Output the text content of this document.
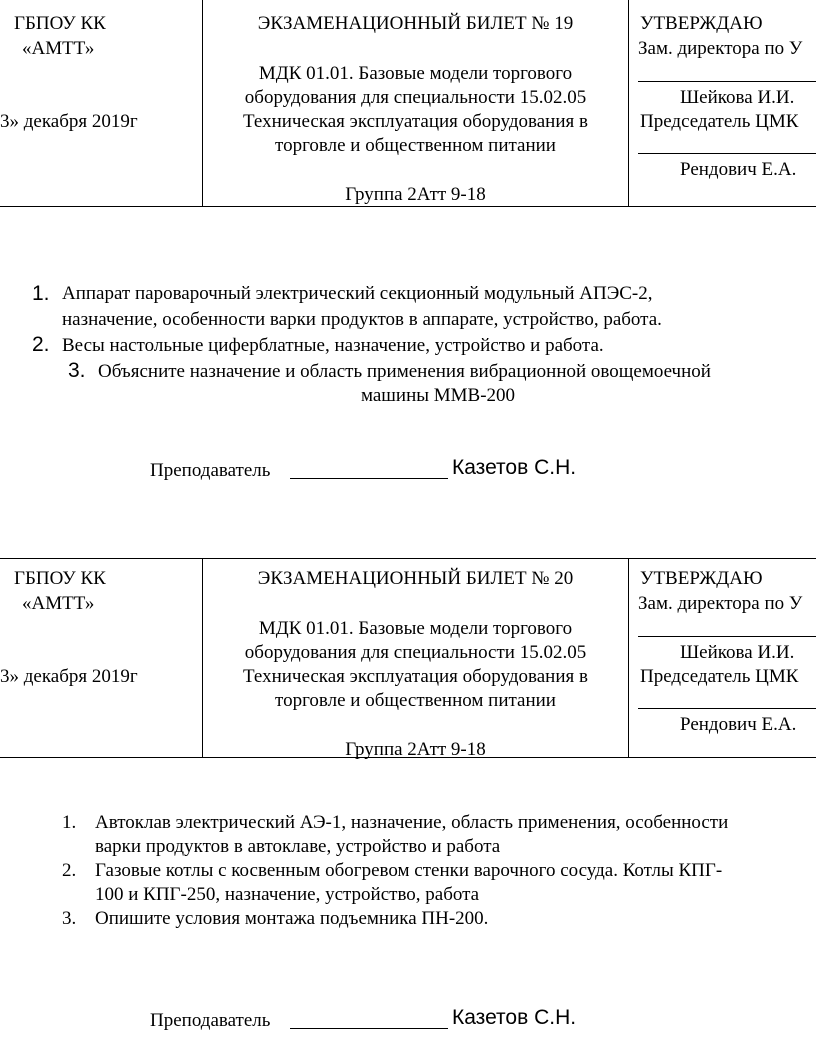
ГБПОУ КК
«АМТТ»
3» декабря 2019г
ЭКЗАМЕНАЦИОННЫЙ БИЛЕТ № 19
МДК 01.01. Базовые модели торгового
оборудования для специальности 15.02.05
Техническая эксплуатация оборудования в
торговле и общественном питании
Группа 2Атт 9-18
УТВЕРЖДАЮ
Зам. директора по У
Шейкова И.И.
Председатель ЦМК
Рендович Е.А.
1. Аппарат пароварочный электрический секционный модульный АПЭС-2,
назначение, особенности варки продуктов в аппарате, устройство, работа.
2. Весы настольные циферблатные, назначение, устройство и работа.
3. Объясните назначение и область применения вибрационной овощемоечной
машины ММВ-200
Преподаватель	Казетов С.Н.
ГБПОУ КК
«АМТТ»
3» декабря 2019г
ЭКЗАМЕНАЦИОННЫЙ БИЛЕТ № 20
МДК 01.01. Базовые модели торгового
оборудования для специальности 15.02.05
Техническая эксплуатация оборудования в
торговле и общественном питании
Группа 2Атт 9-18
УТВЕРЖДАЮ
Зам. директора по У
Шейкова И.И.
Председатель ЦМК
Рендович Е.А.
1. Автоклав электрический АЭ-1, назначение, область применения, особенности
варки продуктов в автоклаве, устройство и работа
2. Газовые котлы с косвенным обогревом стенки варочного сосуда. Котлы КПГ-
100 и КПГ-250, назначение, устройство, работа
3. Опишите условия монтажа подъемника ПН-200.
Преподаватель	Казетов С.Н.
